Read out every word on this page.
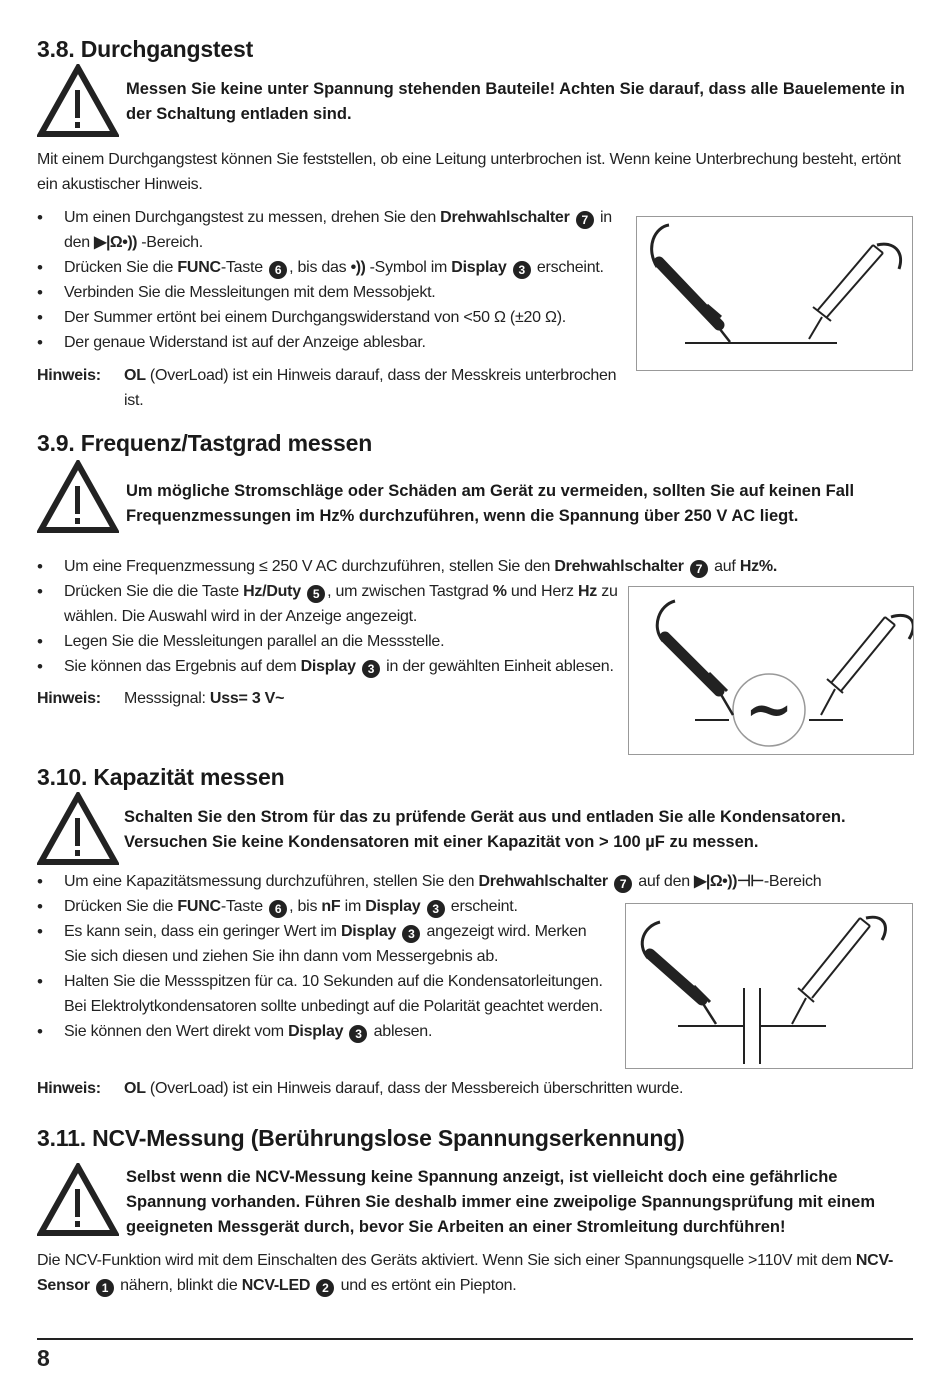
3.8. Durchgangstest
Messen Sie keine unter Spannung stehenden Bauteile! Achten Sie darauf, dass alle Bauelemente in der Schaltung entladen sind.
Mit einem Durchgangstest können Sie feststellen, ob eine Leitung unterbrochen ist. Wenn keine Unterbrechung besteht, ertönt ein akustischer Hinweis.
• Um einen Durchgangstest zu messen, drehen Sie den Drehwahlschalter 7 in den ▶|Ω•)) -Bereich.
• Drücken Sie die FUNC-Taste 6 , bis das •)) -Symbol im Display 3 erscheint.
• Verbinden Sie die Messleitungen mit dem Messobjekt.
• Der Summer ertönt bei einem Durchgangswiderstand von <50 Ω (±20 Ω).
• Der genaue Widerstand ist auf der Anzeige ablesbar.
Hinweis: OL (OverLoad) ist ein Hinweis darauf, dass der Messkreis unterbrochen ist.
3.9. Frequenz/Tastgrad messen
Um mögliche Stromschläge oder Schäden am Gerät zu vermeiden, sollten Sie auf keinen Fall Frequenzmessungen im Hz% durchzuführen, wenn die Spannung über 250 V AC liegt.
• Um eine Frequenzmessung ≤ 250 V AC durchzuführen, stellen Sie den Drehwahlschalter 7 auf Hz%.
• Drücken Sie die die Taste Hz/Duty 5 , um zwischen Tastgrad % und Herz Hz zu wählen. Die Auswahl wird in der Anzeige angezeigt.
• Legen Sie die Messleitungen parallel an die Messstelle.
• Sie können das Ergebnis auf dem Display 3 in der gewählten Einheit ablesen.
Hinweis: Messsignal: Uss= 3 V~	~
3.10. Kapazität messen
Schalten Sie den Strom für das zu prüfende Gerät aus und entladen Sie alle Kondensatoren. Versuchen Sie keine Kondensatoren mit einer Kapazität von > 100 µF zu messen.
• Um eine Kapazitätsmessung durchzuführen, stellen Sie den Drehwahlschalter 7 auf den ▶|Ω•))⊣⊢-Bereich
• Drücken Sie die FUNC-Taste 6 , bis nF im Display 3 erscheint.
• Es kann sein, dass ein geringer Wert im Display 3 angezeigt wird. Merken Sie sich diesen und ziehen Sie ihn dann vom Messergebnis ab.
• Halten Sie die Messspitzen für ca. 10 Sekunden auf die Kondensatorleitungen. Bei Elektrolytkondensatoren sollte unbedingt auf die Polarität geachtet werden.
• Sie können den Wert direkt vom Display 3 ablesen.
Hinweis: OL (OverLoad) ist ein Hinweis darauf, dass der Messbereich überschritten wurde.
3.11. NCV-Messung (Berührungslose Spannungserkennung)
Selbst wenn die NCV-Messung keine Spannung anzeigt, ist vielleicht doch eine gefährliche Spannung vorhanden. Führen Sie deshalb immer eine zweipolige Spannungsprüfung mit einem geeigneten Messgerät durch, bevor Sie Arbeiten an einer Stromleitung durchführen!
Die NCV-Funktion wird mit dem Einschalten des Geräts aktiviert. Wenn Sie sich einer Spannungsquelle >110V mit dem NCV-Sensor 1 nähern, blinkt die NCV-LED 2 und es ertönt ein Piepton.
8
